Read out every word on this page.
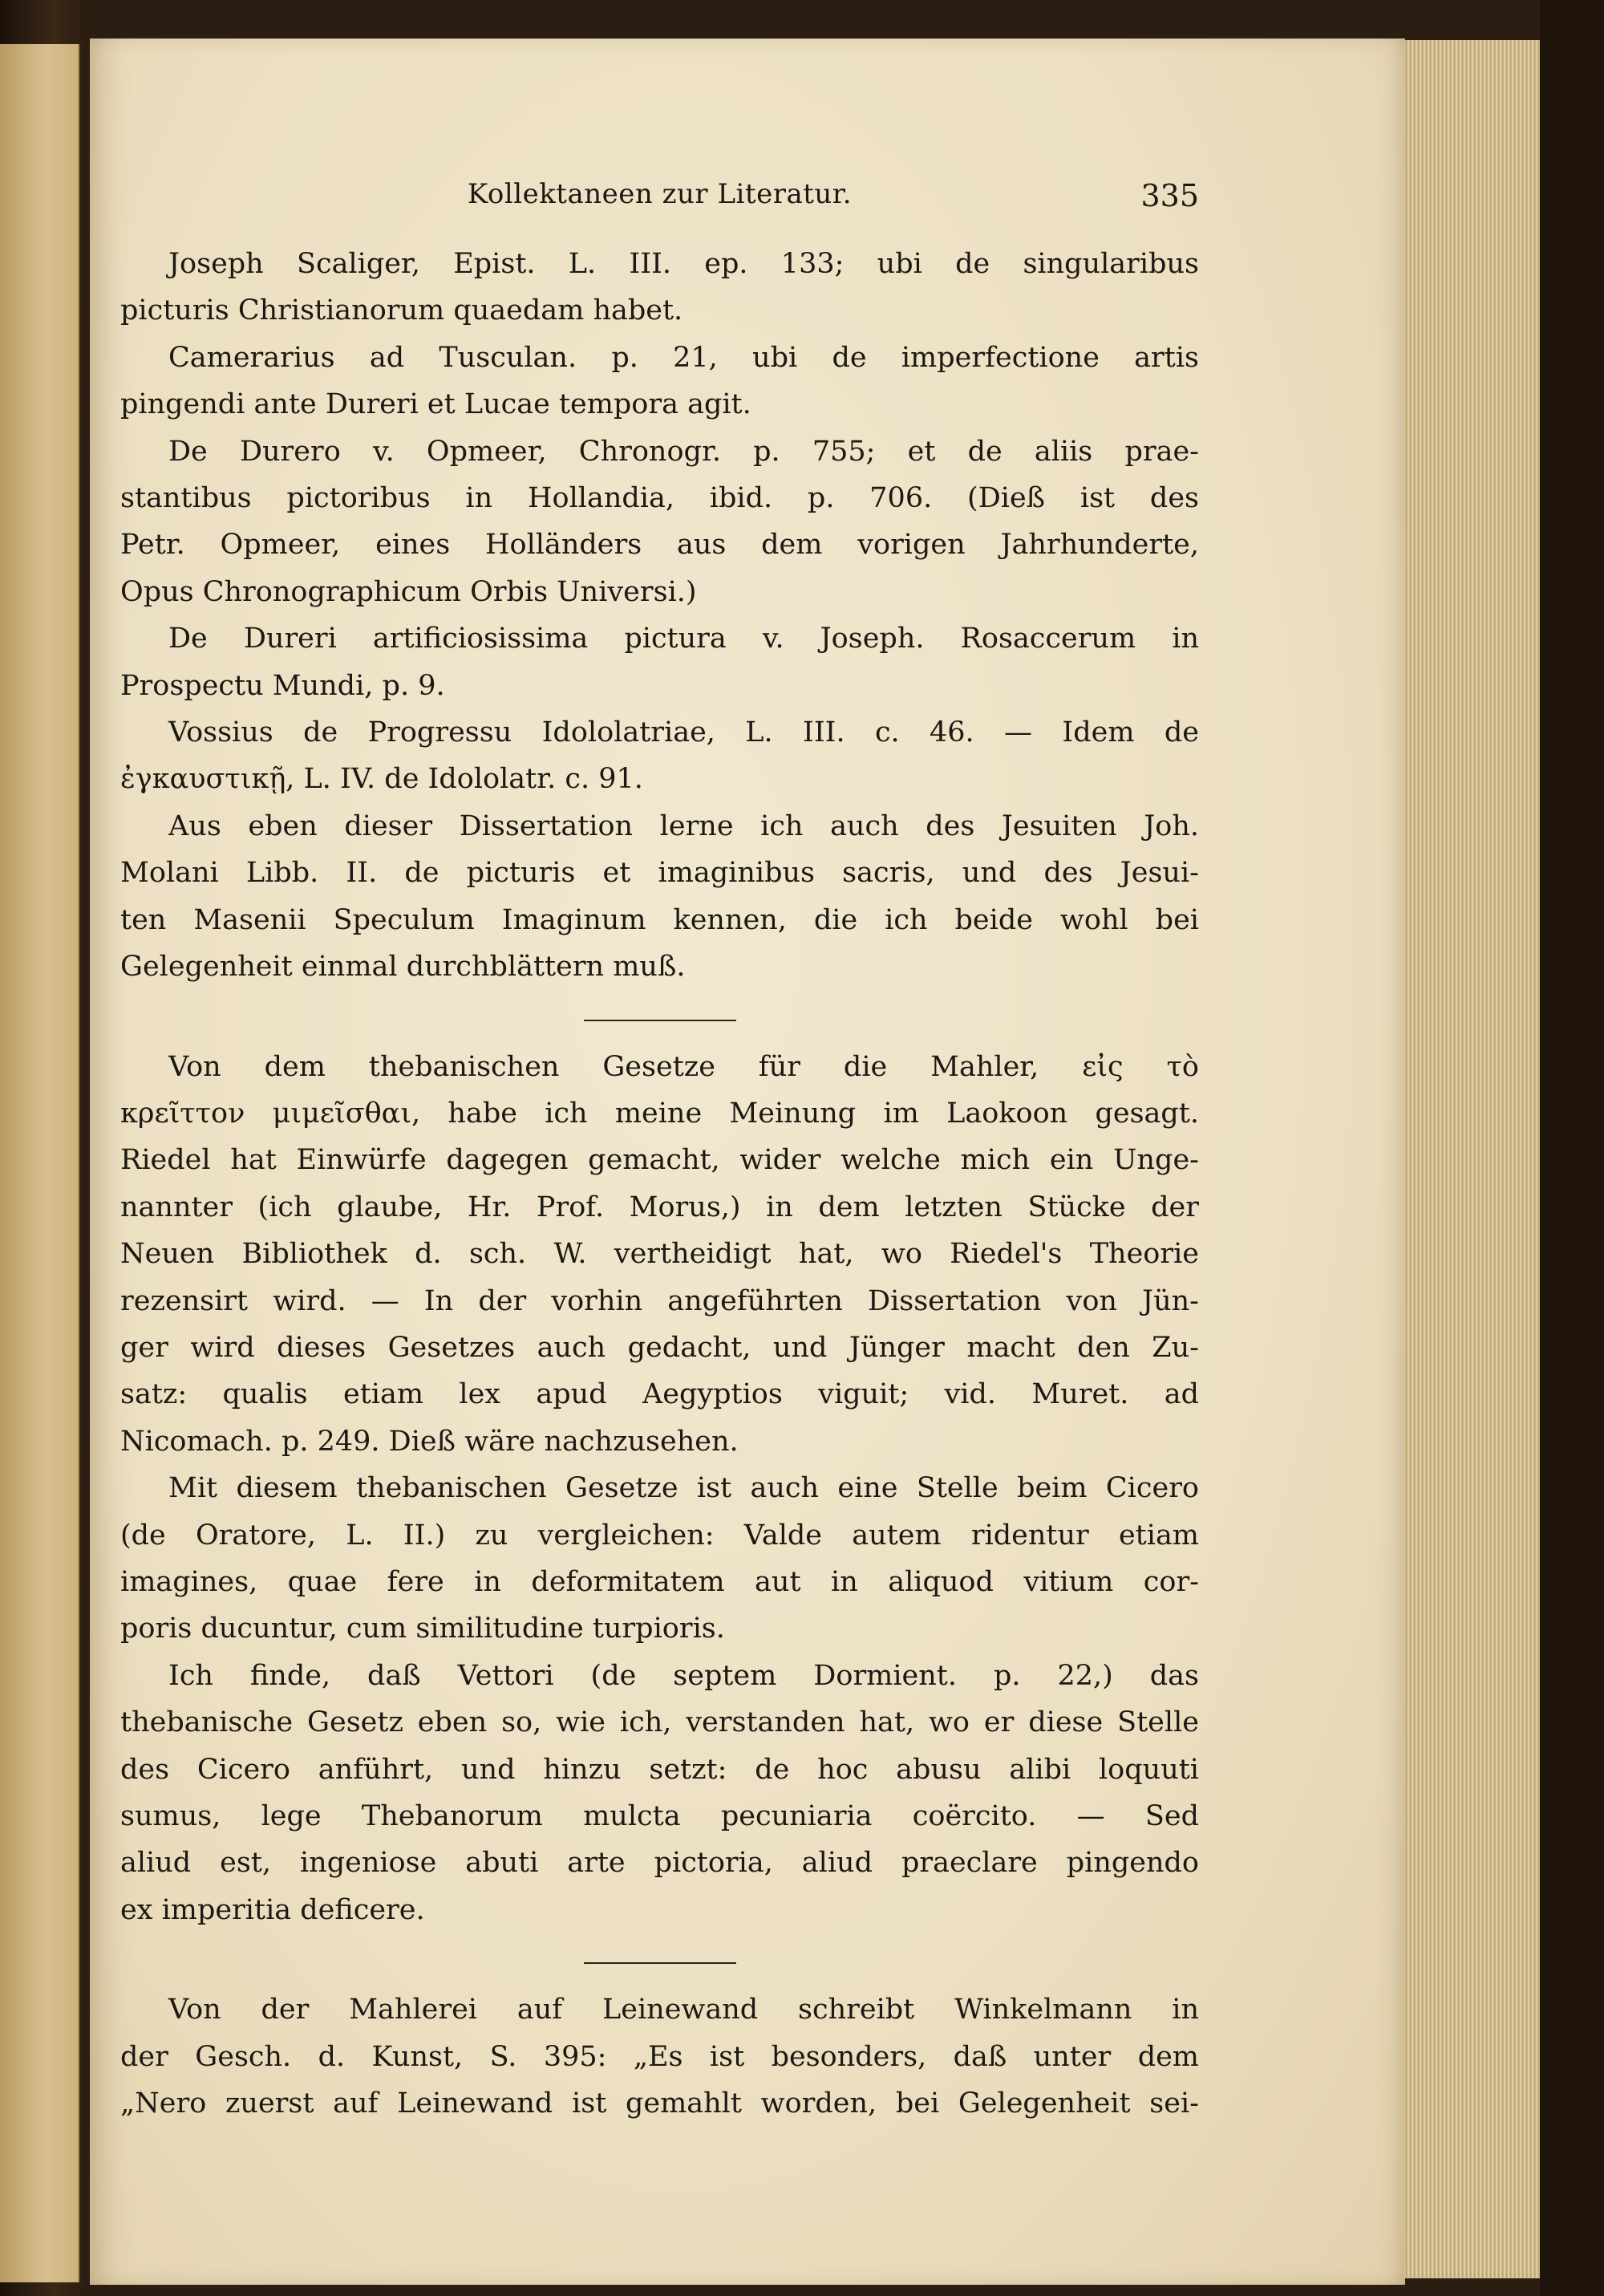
Kollektaneen zur Literatur.	335
Joseph Scaliger, Epist. L. III. ep. 133; ubi de singularibus
picturis Christianorum quaedam habet.
Camerarius ad Tusculan. p. 21, ubi de imperfectione artis
pingendi ante Dureri et Lucae tempora agit.
De Durero v. Opmeer, Chronogr. p. 755; et de aliis prae-
stantibus pictoribus in Hollandia, ibid. p. 706. (Dieß ist des
Petr. Opmeer, eines Holländers aus dem vorigen Jahrhunderte,
Opus Chronographicum Orbis Universi.)
De Dureri artificiosissima pictura v. Joseph. Rosaccerum in
Prospectu Mundi, p. 9.
Vossius de Progressu Idololatriae, L. III. c. 46. — Idem de
ἐγκαυστικῇ, L. IV. de Idololatr. c. 91.
Aus eben dieser Dissertation lerne ich auch des Jesuiten Joh.
Molani Libb. II. de picturis et imaginibus sacris, und des Jesui-
ten Masenii Speculum Imaginum kennen, die ich beide wohl bei
Gelegenheit einmal durchblättern muß.
Von dem thebanischen Gesetze für die Mahler, εἰς τὸ
κρεῖττον μιμεῖσθαι, habe ich meine Meinung im Laokoon gesagt.
Riedel hat Einwürfe dagegen gemacht, wider welche mich ein Unge-
nannter (ich glaube, Hr. Prof. Morus,) in dem letzten Stücke der
Neuen Bibliothek d. sch. W. vertheidigt hat, wo Riedel's Theorie
rezensirt wird. — In der vorhin angeführten Dissertation von Jün-
ger wird dieses Gesetzes auch gedacht, und Jünger macht den Zu-
satz: qualis etiam lex apud Aegyptios viguit; vid. Muret. ad
Nicomach. p. 249. Dieß wäre nachzusehen.
Mit diesem thebanischen Gesetze ist auch eine Stelle beim Cicero
(de Oratore, L. II.) zu vergleichen: Valde autem ridentur etiam
imagines, quae fere in deformitatem aut in aliquod vitium cor-
poris ducuntur, cum similitudine turpioris.
Ich finde, daß Vettori (de septem Dormient. p. 22,) das
thebanische Gesetz eben so, wie ich, verstanden hat, wo er diese Stelle
des Cicero anführt, und hinzu setzt: de hoc abusu alibi loquuti
sumus, lege Thebanorum mulcta pecuniaria coërcito. — Sed
aliud est, ingeniose abuti arte pictoria, aliud praeclare pingendo
ex imperitia deficere.
Von der Mahlerei auf Leinewand schreibt Winkelmann in
der Gesch. d. Kunst, S. 395: „Es ist besonders, daß unter dem
„Nero zuerst auf Leinewand ist gemahlt worden, bei Gelegenheit sei-
